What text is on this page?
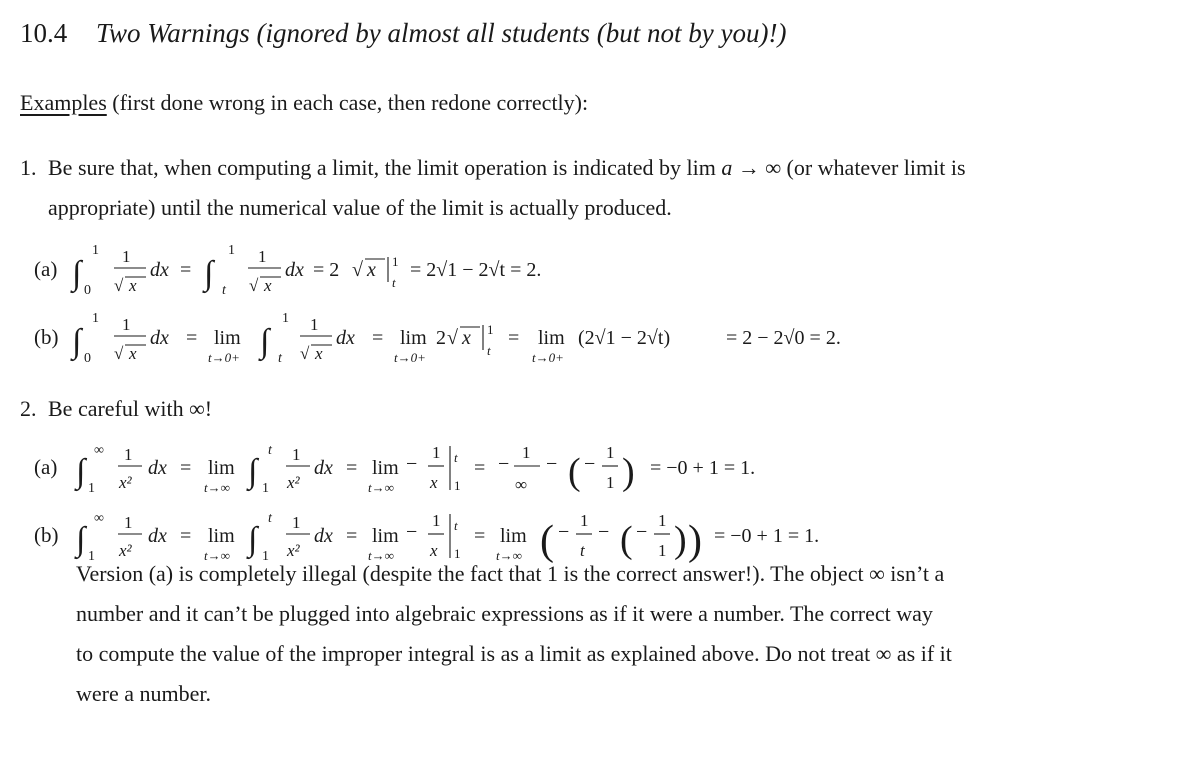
10.4 Two Warnings (ignored by almost all students (but not by you)!)
Examples (first done wrong in each case, then redone correctly):
1. Be sure that, when computing a limit, the limit operation is indicated by lim a → ∞ (or whatever limit is
appropriate) until the numerical value of the limit is actually produced.
2. Be careful with ∞!
(a) ∫
1
0
1
√ x
dx = ∫
1
t
1
√ x
dx = 2 √ x 1
t
= 2√1 − 2√t = 2.
(b) ∫
1
0
1
√ x
dx = lim
t→0+ ∫
1
t
1
√ x
dx = lim
t→0+
2 √ x 1
t
= lim
t→0+
(2√1 − 2√t)	= 2 − 2√0 = 2.
(a) ∫
∞
1
1
x²
dx = lim
t→∞ ∫
t
1
1
x²
dx = lim
t→∞
−
1
x
t
1
= −
1
∞
− ( −
1
1 ) = −0 + 1 = 1.
(b) ∫
∞
1
1
x²
dx = lim
t→∞ ∫
t
1
1
x²
dx = lim
t→∞
−
1
x
t
1
= lim
t→∞ ( −
1
t
− ( −
1
1 ) ) = −0 + 1 = 1.
Version (a) is completely illegal (despite the fact that 1 is the correct answer!). The object ∞ isn’t a
number and it can’t be plugged into algebraic expressions as if it were a number. The correct way
to compute the value of the improper integral is as a limit as explained above. Do not treat ∞ as if it
were a number.
